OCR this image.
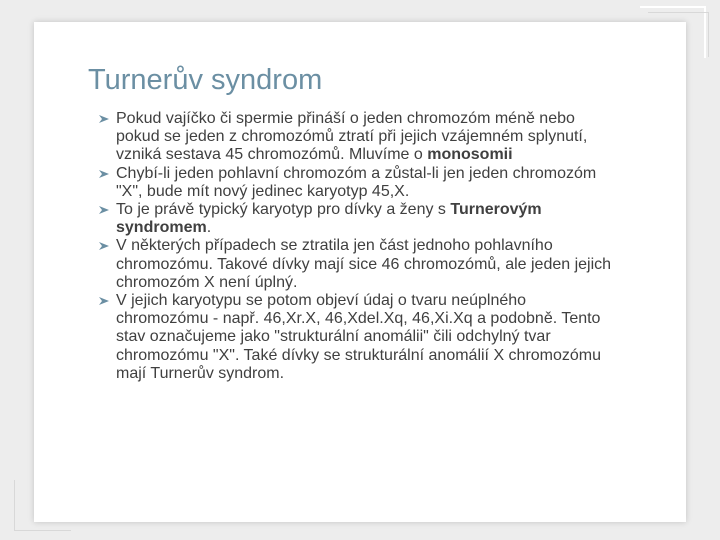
Turnerův syndrom
Pokud vajíčko či spermie přináší o jeden chromozóm méně nebo pokud se jeden z chromozómů ztratí při jejich vzájemném splynutí, vzniká sestava 45 chromozómů. Mluvíme o monosomii
Chybí-li jeden pohlavní chromozóm a zůstal-li jen jeden chromozóm "X", bude mít nový jedinec karyotyp 45,X.
To je právě typický karyotyp pro dívky a ženy s Turnerovým syndromem.
V některých případech se ztratila jen část jednoho pohlavního chromozómu. Takové dívky mají sice 46 chromozómů, ale jeden jejich chromozóm X není úplný.
V jejich karyotypu se potom objeví údaj o tvaru neúplného chromozómu - např. 46,Xr.X, 46,Xdel.Xq, 46,Xi.Xq a podobně. Tento stav označujeme jako "strukturální anomálii" čili odchylný tvar chromozómu "X". Také dívky se strukturální anomálií X chromozómu mají Turnerův syndrom.
